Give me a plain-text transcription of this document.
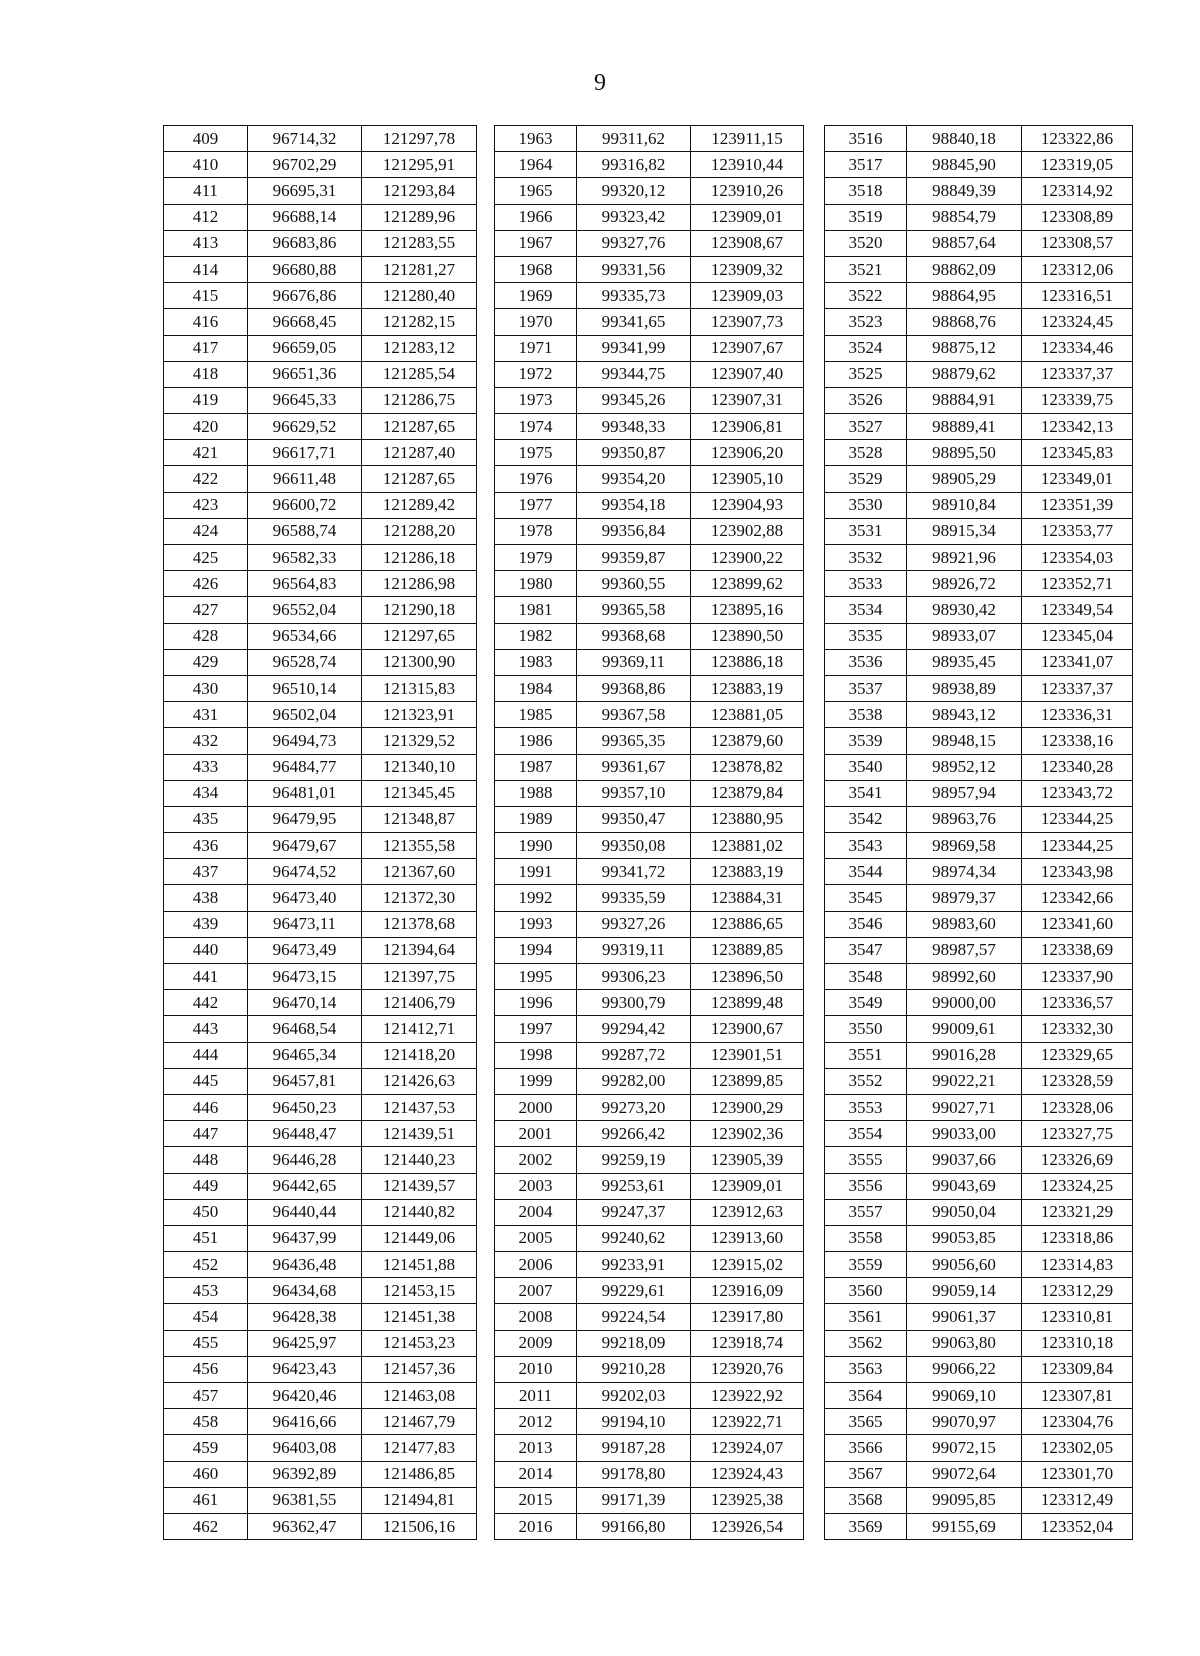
9
409	96714,32	121297,78
410	96702,29	121295,91
411	96695,31	121293,84
412	96688,14	121289,96
413	96683,86	121283,55
414	96680,88	121281,27
415	96676,86	121280,40
416	96668,45	121282,15
417	96659,05	121283,12
418	96651,36	121285,54
419	96645,33	121286,75
420	96629,52	121287,65
421	96617,71	121287,40
422	96611,48	121287,65
423	96600,72	121289,42
424	96588,74	121288,20
425	96582,33	121286,18
426	96564,83	121286,98
427	96552,04	121290,18
428	96534,66	121297,65
429	96528,74	121300,90
430	96510,14	121315,83
431	96502,04	121323,91
432	96494,73	121329,52
433	96484,77	121340,10
434	96481,01	121345,45
435	96479,95	121348,87
436	96479,67	121355,58
437	96474,52	121367,60
438	96473,40	121372,30
439	96473,11	121378,68
440	96473,49	121394,64
441	96473,15	121397,75
442	96470,14	121406,79
443	96468,54	121412,71
444	96465,34	121418,20
445	96457,81	121426,63
446	96450,23	121437,53
447	96448,47	121439,51
448	96446,28	121440,23
449	96442,65	121439,57
450	96440,44	121440,82
451	96437,99	121449,06
452	96436,48	121451,88
453	96434,68	121453,15
454	96428,38	121451,38
455	96425,97	121453,23
456	96423,43	121457,36
457	96420,46	121463,08
458	96416,66	121467,79
459	96403,08	121477,83
460	96392,89	121486,85
461	96381,55	121494,81
462	96362,47	121506,16
1963	99311,62	123911,15
1964	99316,82	123910,44
1965	99320,12	123910,26
1966	99323,42	123909,01
1967	99327,76	123908,67
1968	99331,56	123909,32
1969	99335,73	123909,03
1970	99341,65	123907,73
1971	99341,99	123907,67
1972	99344,75	123907,40
1973	99345,26	123907,31
1974	99348,33	123906,81
1975	99350,87	123906,20
1976	99354,20	123905,10
1977	99354,18	123904,93
1978	99356,84	123902,88
1979	99359,87	123900,22
1980	99360,55	123899,62
1981	99365,58	123895,16
1982	99368,68	123890,50
1983	99369,11	123886,18
1984	99368,86	123883,19
1985	99367,58	123881,05
1986	99365,35	123879,60
1987	99361,67	123878,82
1988	99357,10	123879,84
1989	99350,47	123880,95
1990	99350,08	123881,02
1991	99341,72	123883,19
1992	99335,59	123884,31
1993	99327,26	123886,65
1994	99319,11	123889,85
1995	99306,23	123896,50
1996	99300,79	123899,48
1997	99294,42	123900,67
1998	99287,72	123901,51
1999	99282,00	123899,85
2000	99273,20	123900,29
2001	99266,42	123902,36
2002	99259,19	123905,39
2003	99253,61	123909,01
2004	99247,37	123912,63
2005	99240,62	123913,60
2006	99233,91	123915,02
2007	99229,61	123916,09
2008	99224,54	123917,80
2009	99218,09	123918,74
2010	99210,28	123920,76
2011	99202,03	123922,92
2012	99194,10	123922,71
2013	99187,28	123924,07
2014	99178,80	123924,43
2015	99171,39	123925,38
2016	99166,80	123926,54
3516	98840,18	123322,86
3517	98845,90	123319,05
3518	98849,39	123314,92
3519	98854,79	123308,89
3520	98857,64	123308,57
3521	98862,09	123312,06
3522	98864,95	123316,51
3523	98868,76	123324,45
3524	98875,12	123334,46
3525	98879,62	123337,37
3526	98884,91	123339,75
3527	98889,41	123342,13
3528	98895,50	123345,83
3529	98905,29	123349,01
3530	98910,84	123351,39
3531	98915,34	123353,77
3532	98921,96	123354,03
3533	98926,72	123352,71
3534	98930,42	123349,54
3535	98933,07	123345,04
3536	98935,45	123341,07
3537	98938,89	123337,37
3538	98943,12	123336,31
3539	98948,15	123338,16
3540	98952,12	123340,28
3541	98957,94	123343,72
3542	98963,76	123344,25
3543	98969,58	123344,25
3544	98974,34	123343,98
3545	98979,37	123342,66
3546	98983,60	123341,60
3547	98987,57	123338,69
3548	98992,60	123337,90
3549	99000,00	123336,57
3550	99009,61	123332,30
3551	99016,28	123329,65
3552	99022,21	123328,59
3553	99027,71	123328,06
3554	99033,00	123327,75
3555	99037,66	123326,69
3556	99043,69	123324,25
3557	99050,04	123321,29
3558	99053,85	123318,86
3559	99056,60	123314,83
3560	99059,14	123312,29
3561	99061,37	123310,81
3562	99063,80	123310,18
3563	99066,22	123309,84
3564	99069,10	123307,81
3565	99070,97	123304,76
3566	99072,15	123302,05
3567	99072,64	123301,70
3568	99095,85	123312,49
3569	99155,69	123352,04
